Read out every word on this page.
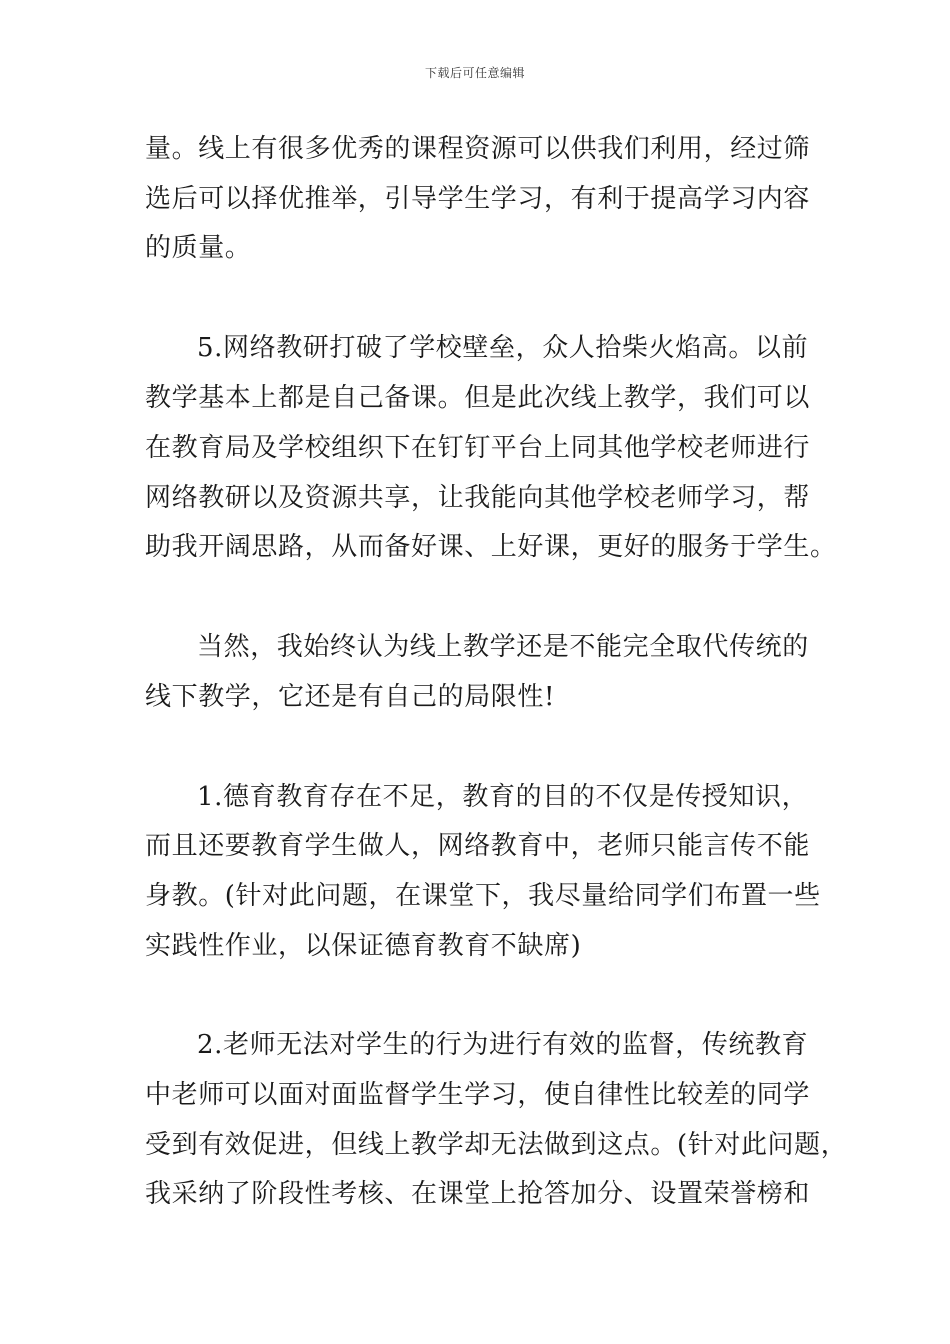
下载后可任意编辑
量。线上有很多优秀的课程资源可以供我们利用，经过筛
选后可以择优推举，引导学生学习，有利于提高学习内容
的质量。
5.网络教研打破了学校壁垒，众人拾柴火焰高。以前
教学基本上都是自己备课。但是此次线上教学，我们可以
在教育局及学校组织下在钉钉平台上同其他学校老师进行
网络教研以及资源共享，让我能向其他学校老师学习，帮
助我开阔思路，从而备好课、上好课，更好的服务于学生。
当然，我始终认为线上教学还是不能完全取代传统的
线下教学，它还是有自己的局限性!
1.德育教育存在不足，教育的目的不仅是传授知识，
而且还要教育学生做人，网络教育中，老师只能言传不能
身教。(针对此问题，在课堂下，我尽量给同学们布置一些
实践性作业，以保证德育教育不缺席)
2.老师无法对学生的行为进行有效的监督，传统教育
中老师可以面对面监督学生学习，使自律性比较差的同学
受到有效促进，但线上教学却无法做到这点。(针对此问题，
我采纳了阶段性考核、在课堂上抢答加分、设置荣誉榜和
